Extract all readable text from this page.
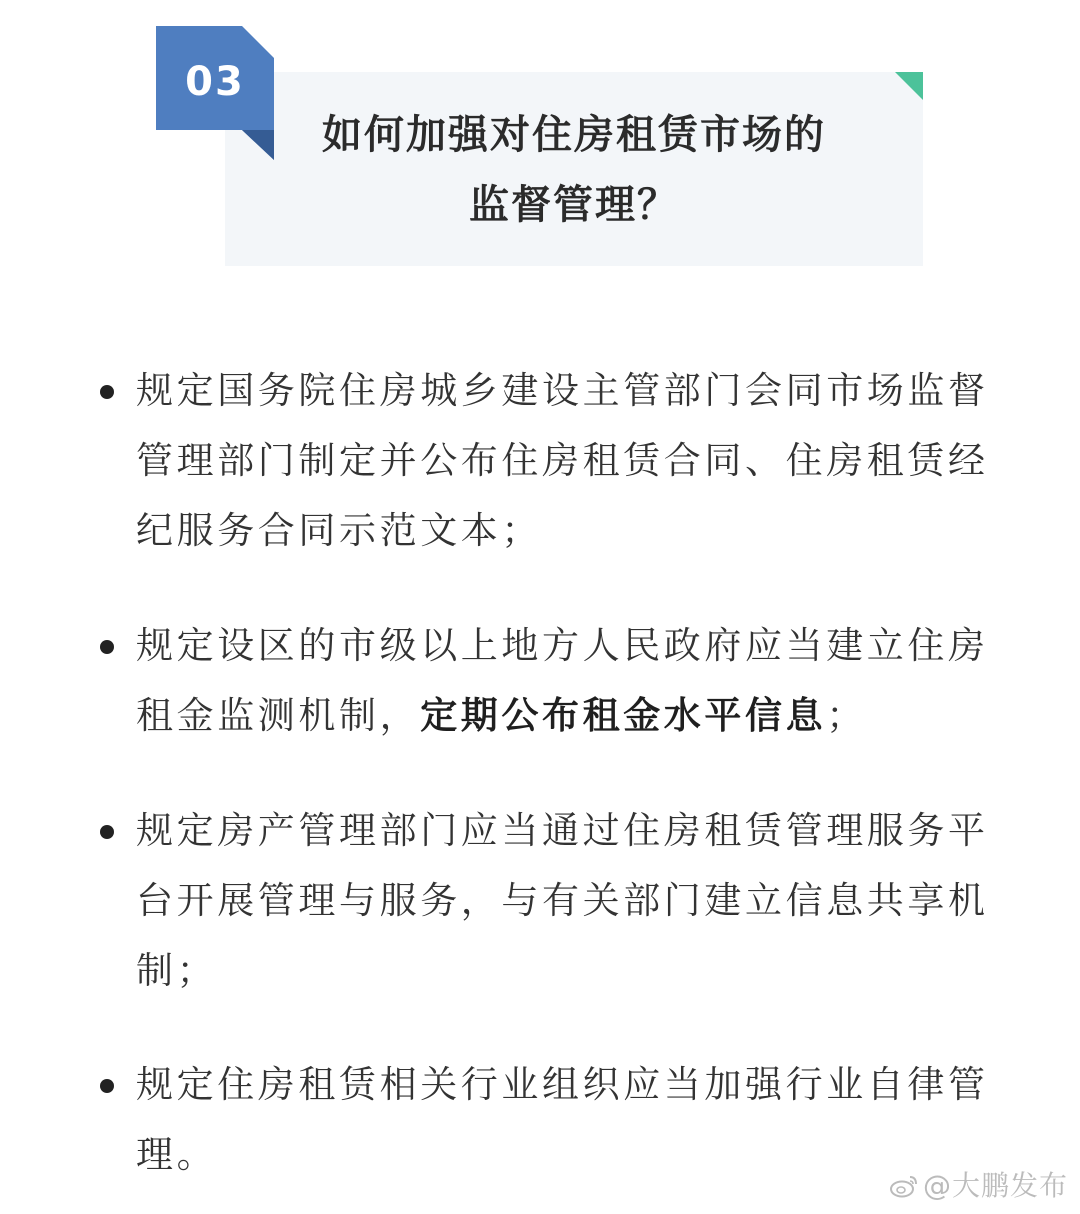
03
如何加强对住房租赁市场的
监督管理？
规定国务院住房城乡建设主管部门会同市场监督
管理部门制定并公布住房租赁合同、住房租赁经
纪服务合同示范文本；
规定设区的市级以上地方人民政府应当建立住房
租金监测机制，定期公布租金水平信息；
规定房产管理部门应当通过住房租赁管理服务平
台开展管理与服务，与有关部门建立信息共享机
制；
规定住房租赁相关行业组织应当加强行业自律管
理。
@大鹏发布
